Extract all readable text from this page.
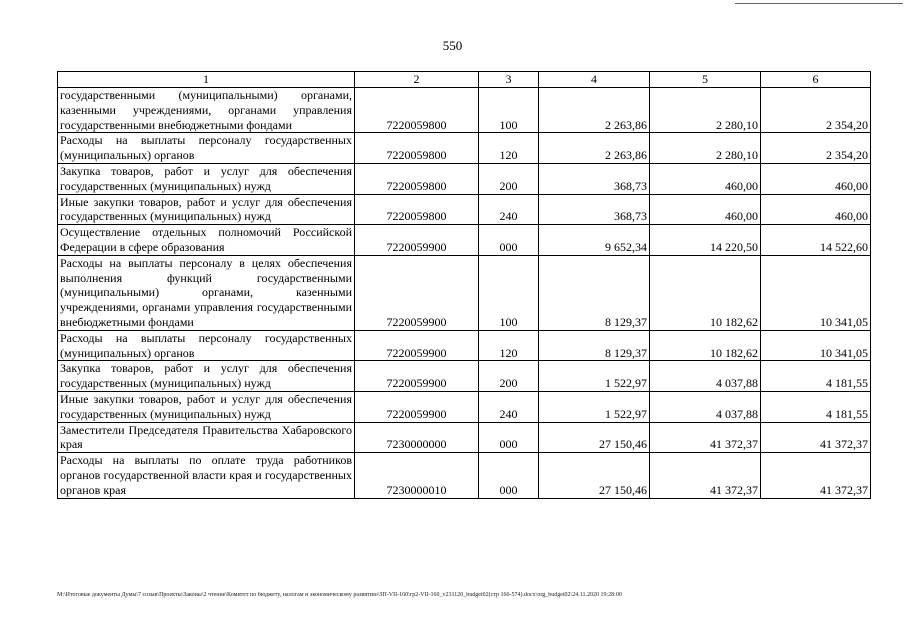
550
1	2	3	4	5	6
государственными (муниципальными) органами, казенными учреждениями, органами управления государственными внебюджетными фондами	7220059800	100	2 263,86	2 280,10	2 354,20
Расходы на выплаты персоналу государственных (муниципальных) органов	7220059800	120	2 263,86	2 280,10	2 354,20
Закупка товаров, работ и услуг для обеспечения государственных (муниципальных) нужд	7220059800	200	368,73	460,00	460,00
Иные закупки товаров, работ и услуг для обеспечения государственных (муниципальных) нужд	7220059800	240	368,73	460,00	460,00
Осуществление отдельных полномочий Российской Федерации в сфере образования	7220059900	000	9 652,34	14 220,50	14 522,60
Расходы на выплаты персоналу в целях обеспечения выполнения функций государственными (муниципальными) органами, казенными учреждениями, органами управления государственными внебюджетными фондами	7220059900	100	8 129,37	10 182,62	10 341,05
Расходы на выплаты персоналу государственных (муниципальных) органов	7220059900	120	8 129,37	10 182,62	10 341,05
Закупка товаров, работ и услуг для обеспечения государственных (муниципальных) нужд	7220059900	200	1 522,97	4 037,88	4 181,55
Иные закупки товаров, работ и услуг для обеспечения государственных (муниципальных) нужд	7220059900	240	1 522,97	4 037,88	4 181,55
Заместители Председателя Правительства Хабаровского края	7230000000	000	27 150,46	41 372,37	41 372,37
Расходы на выплаты по оплате труда работников органов государственной власти края и государственных органов края	7230000010	000	27 150,46	41 372,37	41 372,37
M:\Итоговые документы Думы\7 созыв\Проекты\Законы\2 чтение\Комитет по бюджету, налогам и экономическому развитию\ЗП-VII-160\гр2-VII-160_v231120_budget02(стр 166-574).docx\org_budget02\24.11.2020 19:28:00
